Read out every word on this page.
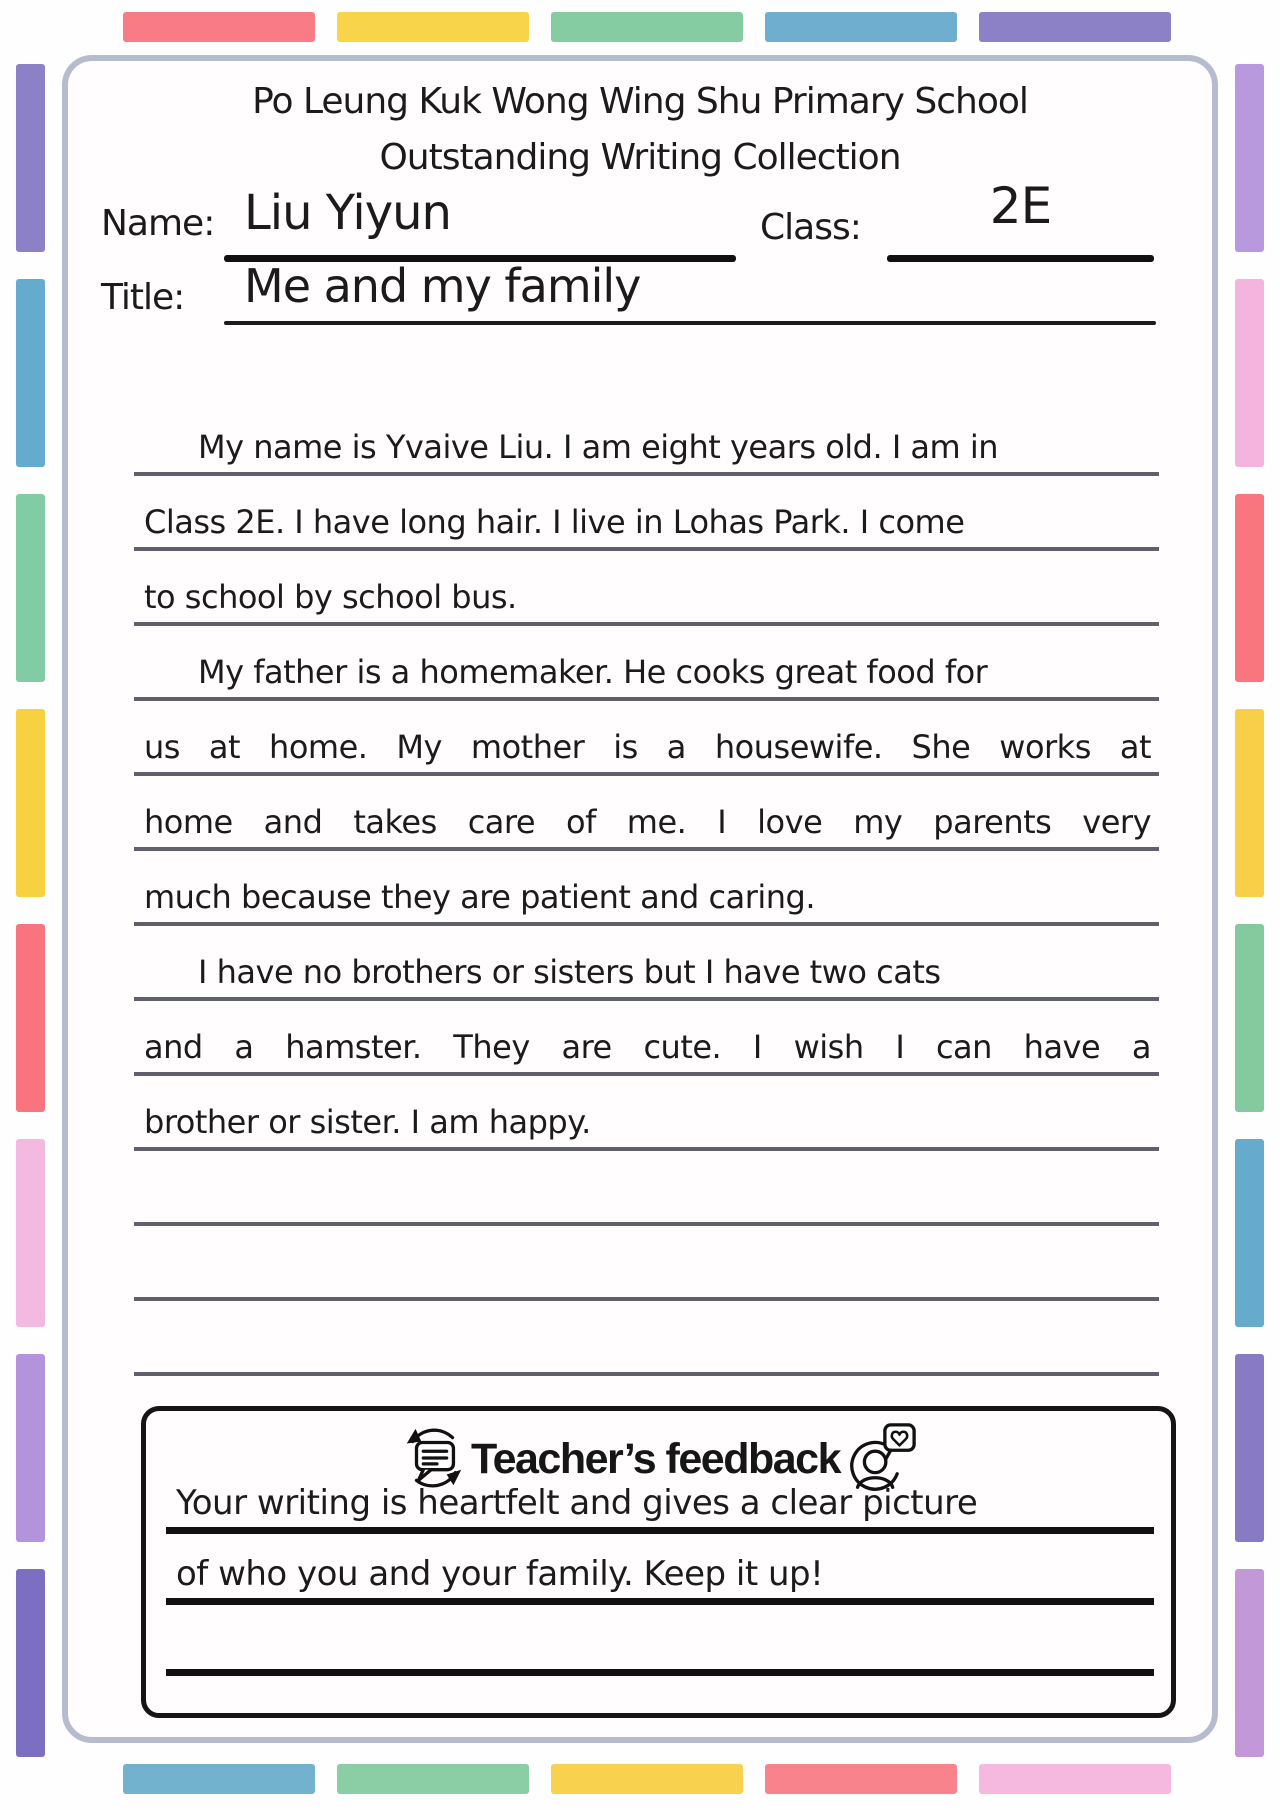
Po Leung Kuk Wong Wing Shu Primary School
Outstanding Writing Collection
Name: Liu Yiyun	Class:	2E
Title: Me and my family
My name is Yvaive Liu. I am eight years old. I am in
Class 2E. I have long hair. I live in Lohas Park. I come
to school by school bus.
My father is a homemaker. He cooks great food for
us at home. My mother is a housewife. She works at
home and takes care of me. I love my parents very
much because they are patient and caring.
I have no brothers or sisters but I have two cats
and a hamster. They are cute. I wish I can have a
brother or sister. I am happy.
Teacher’s feedback
Your writing is heartfelt and gives a clear picture
of who you and your family. Keep it up!
